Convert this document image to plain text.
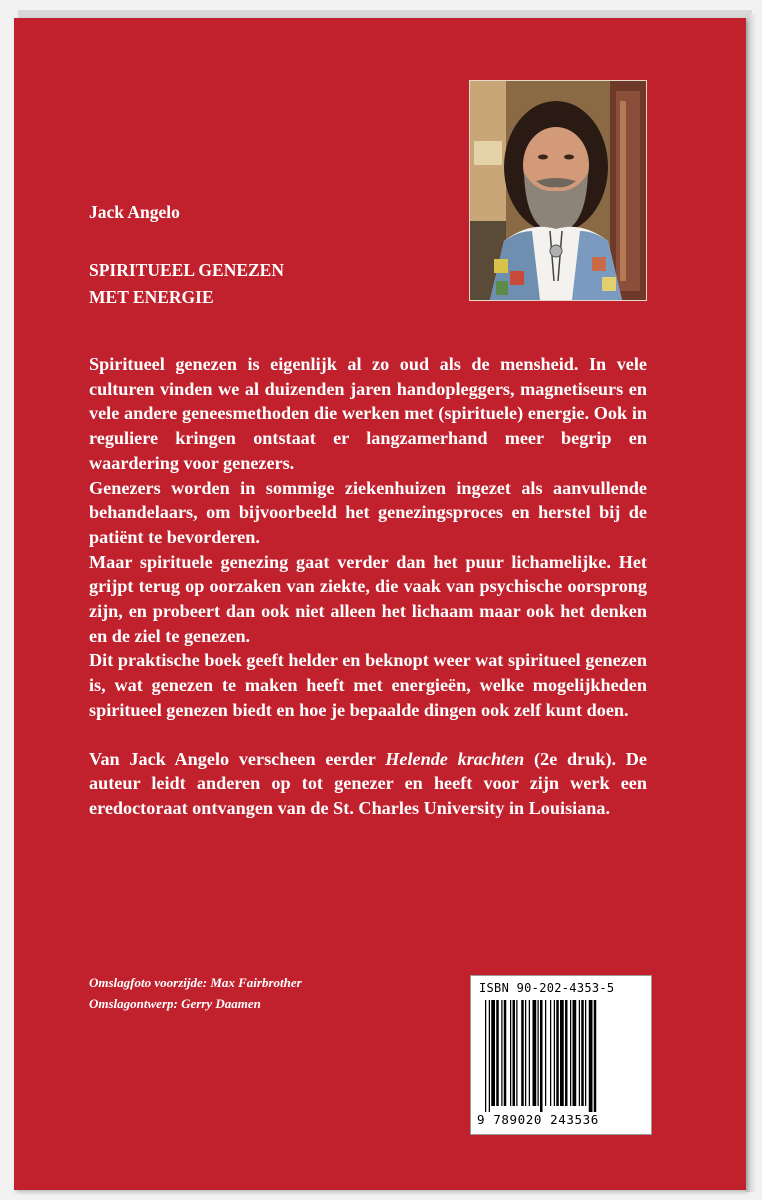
Jack Angelo
SPIRITUEEL GENEZEN
MET ENERGIE

Spiritueel genezen is eigenlijk al zo oud als de mensheid. In vele culturen vinden we al duizenden jaren handopleggers, magnetiseurs en vele andere geneesmethoden die werken met (spirituele) energie. Ook in reguliere kringen ontstaat er langzamerhand meer begrip en waardering voor genezers.

Genezers worden in sommige ziekenhuizen ingezet als aanvullende behandelaars, om bijvoorbeeld het genezingsproces en herstel bij de patiënt te bevorderen.

Maar spirituele genezing gaat verder dan het puur lichamelijke. Het grijpt terug op oorzaken van ziekte, die vaak van psychische oorsprong zijn, en probeert dan ook niet alleen het lichaam maar ook het denken en de ziel te genezen.

Dit praktische boek geeft helder en beknopt weer wat spiritueel genezen is, wat genezen te maken heeft met energieën, welke mogelijkheden spiritueel genezen biedt en hoe je bepaalde dingen ook zelf kunt doen.

Van Jack Angelo verscheen eerder Helende krachten (2e druk). De auteur leidt anderen op tot genezer en heeft voor zijn werk een eredoctoraat ontvangen van de St. Charles University in Louisiana.

Omslagfoto voorzijde: Max Fairbrother
Omslagontwerp: Gerry Daamen
ISBN 90-202-4353-5
9 789020 243536
